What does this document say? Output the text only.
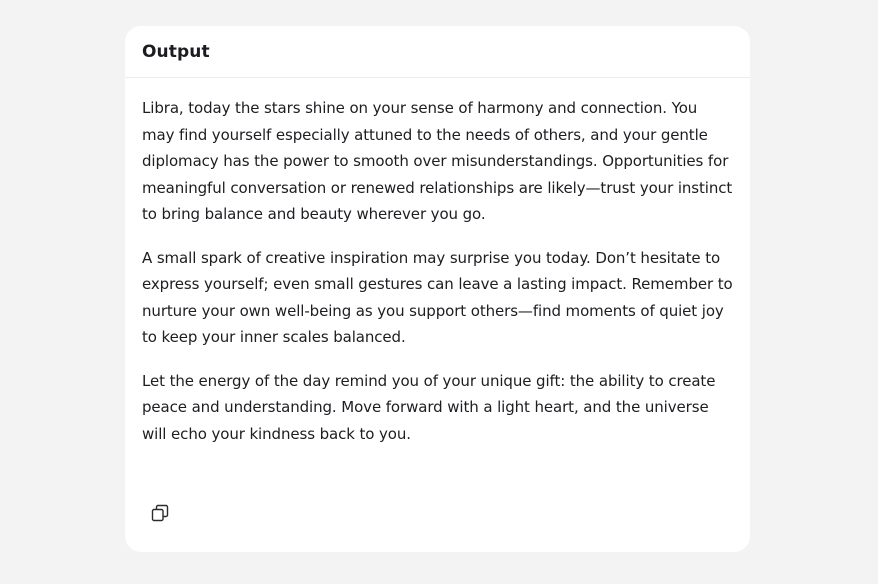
Output

Libra, today the stars shine on your sense of harmony and connection. You may find yourself especially attuned to the needs of others, and your gentle diplomacy has the power to smooth over misunderstandings. Opportunities for meaningful conversation or renewed relationships are likely—trust your instinct to bring balance and beauty wherever you go.

A small spark of creative inspiration may surprise you today. Don’t hesitate to express yourself; even small gestures can leave a lasting impact. Remember to nurture your own well-being as you support others—find moments of quiet joy to keep your inner scales balanced.

Let the energy of the day remind you of your unique gift: the ability to create peace and understanding. Move forward with a light heart, and the universe will echo your kindness back to you.
